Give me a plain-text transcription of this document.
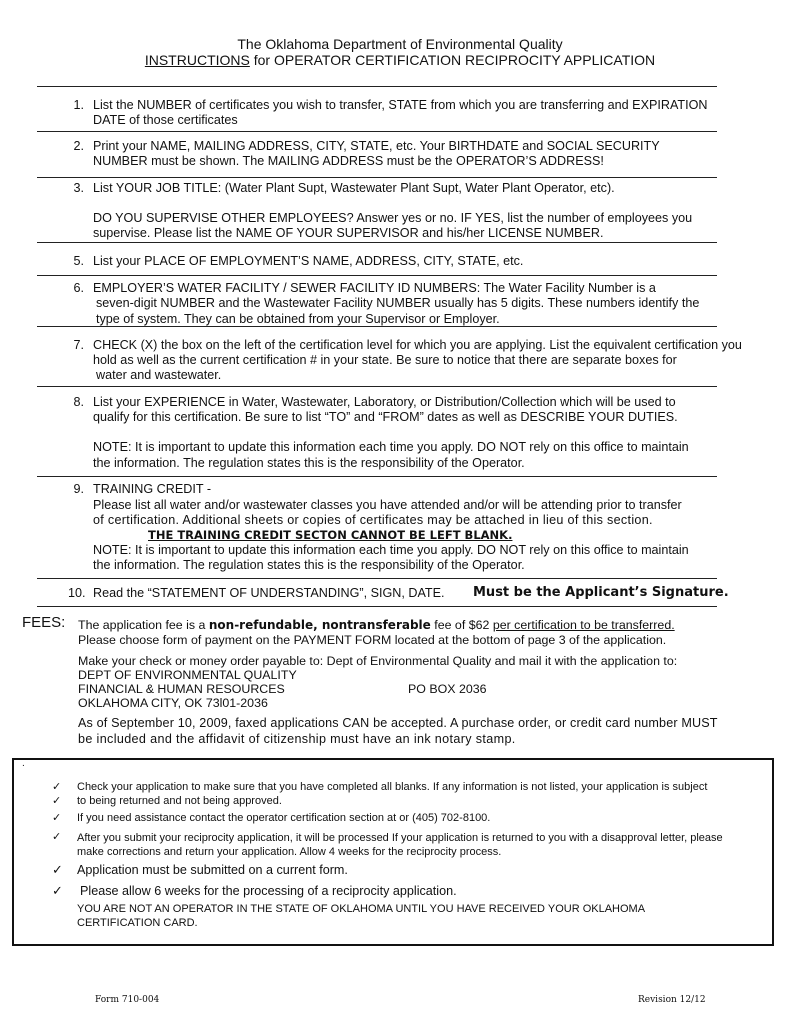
The Oklahoma Department of Environmental Quality
INSTRUCTIONS for OPERATOR CERTIFICATION RECIPROCITY APPLICATION
1. List the NUMBER of certificates you wish to transfer, STATE from which you are transferring and EXPIRATION
DATE of those certificates
2. Print your NAME, MAILING ADDRESS, CITY, STATE, etc. Your BIRTHDATE and SOCIAL SECURITY
NUMBER must be shown. The MAILING ADDRESS must be the OPERATOR’S ADDRESS!
3. List YOUR JOB TITLE: (Water Plant Supt, Wastewater Plant Supt, Water Plant Operator, etc).
DO YOU SUPERVISE OTHER EMPLOYEES? Answer yes or no. IF YES, list the number of employees you
supervise. Please list the NAME OF YOUR SUPERVISOR and his/her LICENSE NUMBER.
5. List your PLACE OF EMPLOYMENT’S NAME, ADDRESS, CITY, STATE, etc.
6. EMPLOYER’S WATER FACILITY / SEWER FACILITY ID NUMBERS: The Water Facility Number is a
seven-digit NUMBER and the Wastewater Facility NUMBER usually has 5 digits. These numbers identify the
type of system. They can be obtained from your Supervisor or Employer.
7. CHECK (X) the box on the left of the certification level for which you are applying. List the equivalent certification you
hold as well as the current certification # in your state. Be sure to notice that there are separate boxes for
water and wastewater.
8. List your EXPERIENCE in Water, Wastewater, Laboratory, or Distribution/Collection which will be used to
qualify for this certification. Be sure to list “TO” and “FROM” dates as well as DESCRIBE YOUR DUTIES.
NOTE: It is important to update this information each time you apply. DO NOT rely on this office to maintain
the information. The regulation states this is the responsibility of the Operator.
9. TRAINING CREDIT -
Please list all water and/or wastewater classes you have attended and/or will be attending prior to transfer
of certification. Additional sheets or copies of certificates may be attached in lieu of this section.
THE TRAINING CREDIT SECTON CANNOT BE LEFT BLANK.
NOTE: It is important to update this information each time you apply. DO NOT rely on this office to maintain
the information. The regulation states this is the responsibility of the Operator.
10. Read the “STATEMENT OF UNDERSTANDING”, SIGN, DATE. Must be the Applicant’s Signature.
FEES: The application fee is a non-refundable, nontransferable fee of $62 per certification to be transferred.
Please choose form of payment on the PAYMENT FORM located at the bottom of page 3 of the application.
Make your check or money order payable to: Dept of Environmental Quality and mail it with the application to:
DEPT OF ENVIRONMENTAL QUALITY
FINANCIAL & HUMAN RESOURCES	PO BOX 2036
OKLAHOMA CITY, OK 73l01-2036
As of September 10, 2009, faxed applications CAN be accepted. A purchase order, or credit card number MUST
be included and the affidavit of citizenship must have an ink notary stamp.
.
✓
✓
Check your application to make sure that you have completed all blanks. If any information is not listed, your application is subject
to being returned and not being approved.
✓ If you need assistance contact the operator certification section at or (405) 702-8100.
✓ After you submit your reciprocity application, it will be processed If your application is returned to you with a disapproval letter, please
make corrections and return your application. Allow 4 weeks for the reciprocity process.
✓ Application must be submitted on a current form.
✓ Please allow 6 weeks for the processing of a reciprocity application.
YOU ARE NOT AN OPERATOR IN THE STATE OF OKLAHOMA UNTIL YOU HAVE RECEIVED YOUR OKLAHOMA
CERTIFICATION CARD.
Form 710-004	Revision 12/12
